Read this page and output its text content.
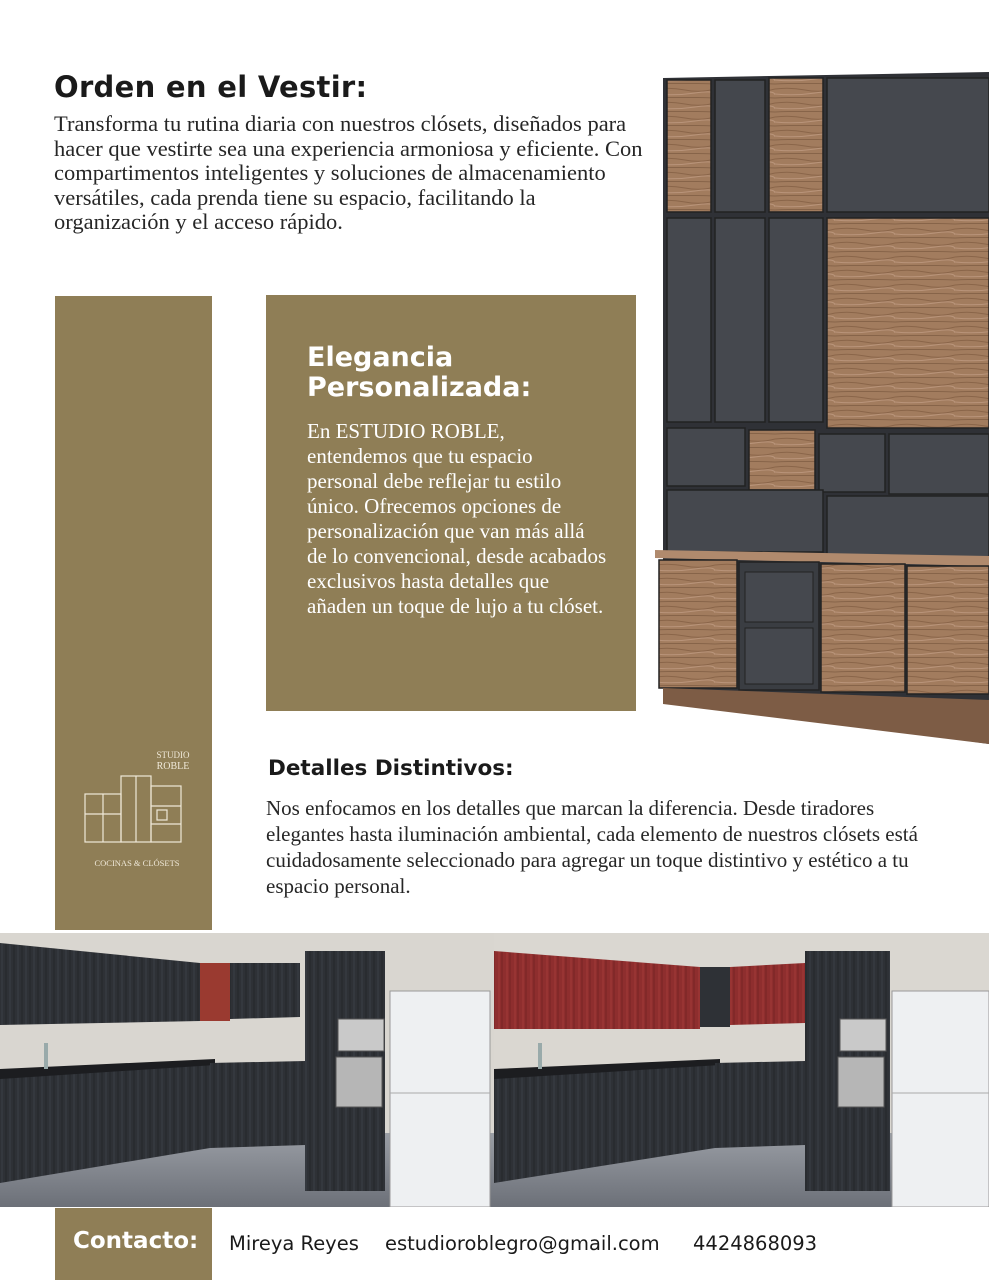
Orden en el Vestir:
Transforma tu rutina diaria con nuestros clósets, diseñados para hacer que vestirte sea una experiencia armoniosa y eficiente. Con compartimentos inteligentes y soluciones de almacenamiento versátiles, cada prenda tiene su espacio, facilitando la organización y el acceso rápido.
STUDIO
ROBLE
COCINAS & CLÓSETS
Elegancia Personalizada:
En ESTUDIO ROBLE, entendemos que tu espacio personal debe reflejar tu estilo único. Ofrecemos opciones de personalización que van más allá de lo convencional, desde acabados exclusivos hasta detalles que añaden un toque de lujo a tu clóset.
Detalles Distintivos:
Nos enfocamos en los detalles que marcan la diferencia. Desde tiradores elegantes hasta iluminación ambiental, cada elemento de nuestros clósets está cuidadosamente seleccionado para agregar un toque distintivo y estético a tu espacio personal.
Contacto: Mireya Reyes estudioroblegro@gmail.com 4424868093
